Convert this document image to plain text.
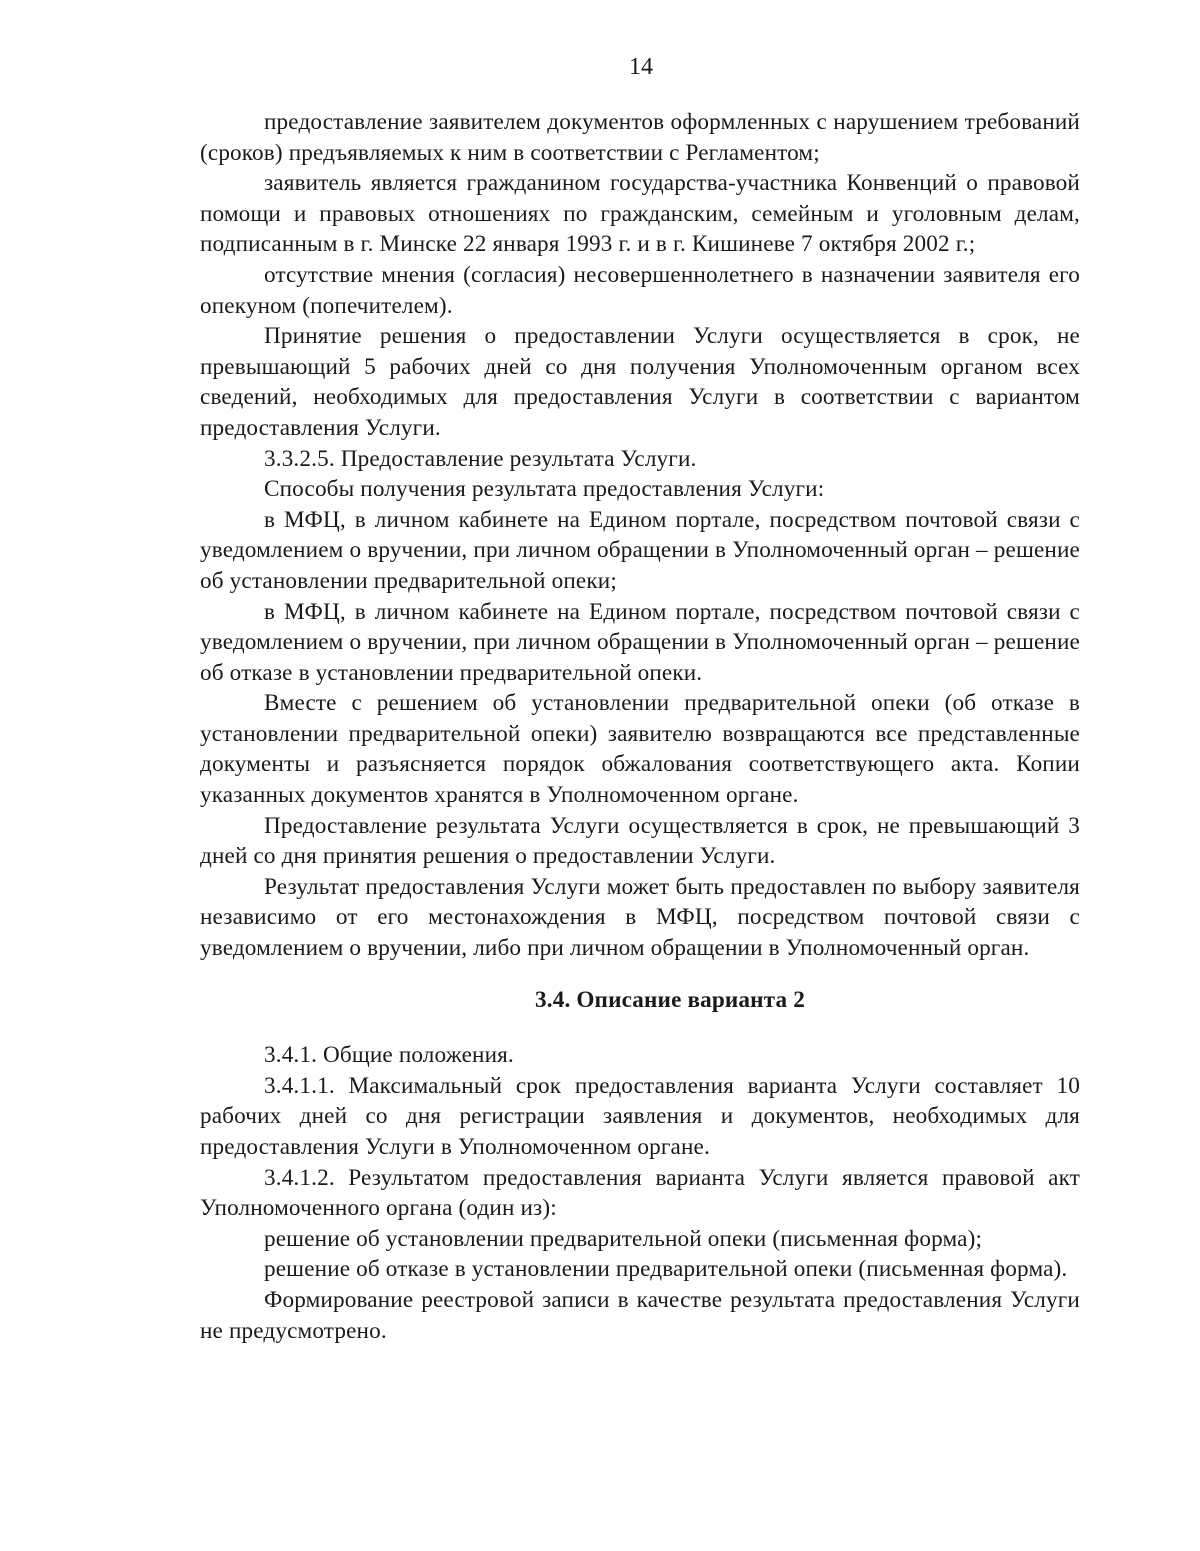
14

предоставление заявителем документов оформленных с нарушением требований (сроков) предъявляемых к ним в соответствии с Регламентом;

заявитель является гражданином государства-участника Конвенций о правовой помощи и правовых отношениях по гражданским, семейным и уголовным делам, подписанным в г. Минске 22 января 1993 г. и в г. Кишиневе 7 октября 2002 г.;

отсутствие мнения (согласия) несовершеннолетнего в назначении заявителя его опекуном (попечителем).

Принятие решения о предоставлении Услуги осуществляется в срок, не превышающий 5 рабочих дней со дня получения Уполномоченным органом всех сведений, необходимых для предоставления Услуги в соответствии с вариантом предоставления Услуги.

3.3.2.5. Предоставление результата Услуги.

Способы получения результата предоставления Услуги:

в МФЦ, в личном кабинете на Едином портале, посредством почтовой связи с уведомлением о вручении, при личном обращении в Уполномоченный орган – решение об установлении предварительной опеки;

в МФЦ, в личном кабинете на Едином портале, посредством почтовой связи с уведомлением о вручении, при личном обращении в Уполномоченный орган – решение об отказе в установлении предварительной опеки.

Вместе с решением об установлении предварительной опеки (об отказе в установлении предварительной опеки) заявителю возвращаются все представленные документы и разъясняется порядок обжалования соответствующего акта. Копии указанных документов хранятся в Уполномоченном органе.

Предоставление результата Услуги осуществляется в срок, не превышающий 3 дней со дня принятия решения о предоставлении Услуги.

Результат предоставления Услуги может быть предоставлен по выбору заявителя независимо от его местонахождения в МФЦ, посредством почтовой связи с уведомлением о вручении, либо при личном обращении в Уполномоченный орган.

3.4. Описание варианта 2

3.4.1. Общие положения.

3.4.1.1. Максимальный срок предоставления варианта Услуги составляет 10 рабочих дней со дня регистрации заявления и документов, необходимых для предоставления Услуги в Уполномоченном органе.

3.4.1.2. Результатом предоставления варианта Услуги является правовой акт Уполномоченного органа (один из):

решение об установлении предварительной опеки (письменная форма);

решение об отказе в установлении предварительной опеки (письменная форма).

Формирование реестровой записи в качестве результата предоставления Услуги не предусмотрено.
